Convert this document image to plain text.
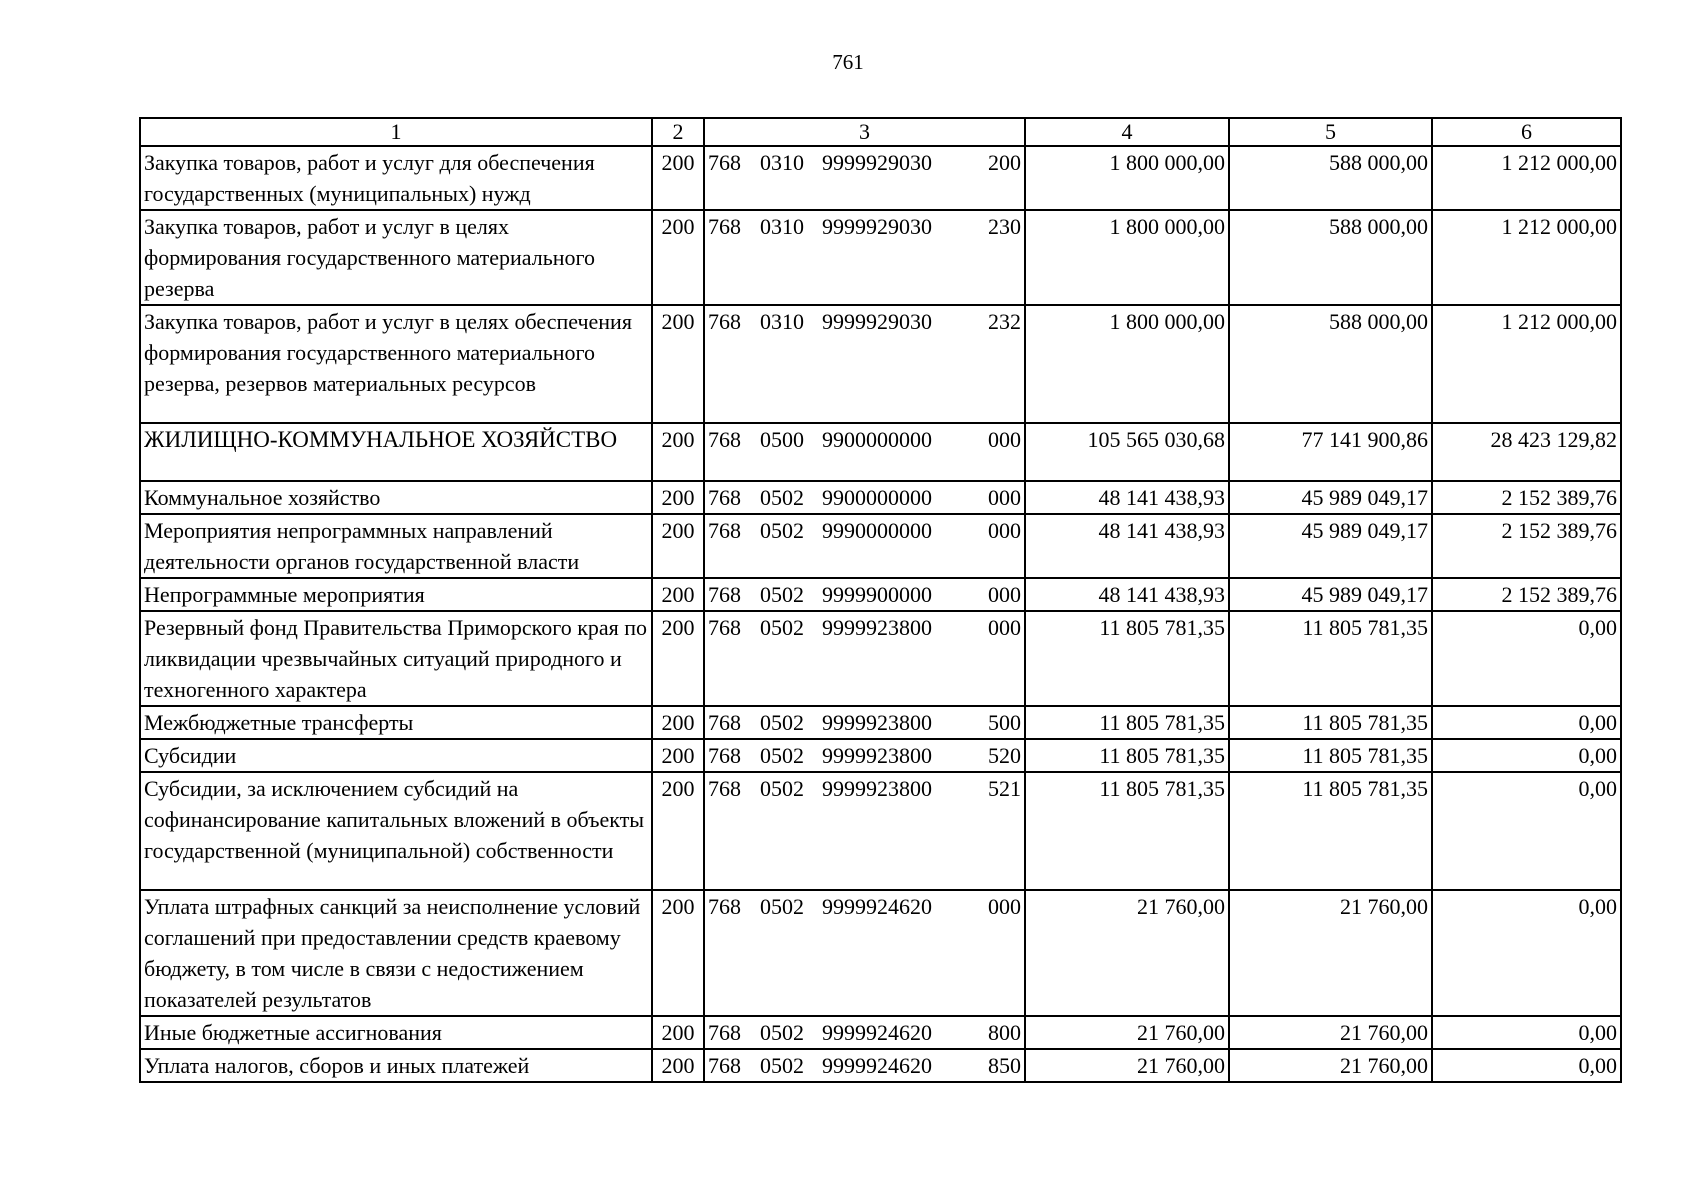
761
1	2	3	4	5	6
Закупка товаров, работ и услуг для обеспечения государственных (муниципальных) нужд	200	768 0310 9999929030 200	1 800 000,00	588 000,00	1 212 000,00
Закупка товаров, работ и услуг в целях формирования государственного материального резерва	200	768 0310 9999929030 230	1 800 000,00	588 000,00	1 212 000,00
Закупка товаров, работ и услуг в целях обеспечения формирования государственного материального резерва, резервов материальных ресурсов	200	768 0310 9999929030 232	1 800 000,00	588 000,00	1 212 000,00
ЖИЛИЩНО-КОММУНАЛЬНОЕ ХОЗЯЙСТВО	200	768 0500 9900000000 000	105 565 030,68	77 141 900,86	28 423 129,82
Коммунальное хозяйство	200	768 0502 9900000000 000	48 141 438,93	45 989 049,17	2 152 389,76
Мероприятия непрограммных направлений деятельности органов государственной власти	200	768 0502 9990000000 000	48 141 438,93	45 989 049,17	2 152 389,76
Непрограммные мероприятия	200	768 0502 9999900000 000	48 141 438,93	45 989 049,17	2 152 389,76
Резервный фонд Правительства Приморского края по ликвидации чрезвычайных ситуаций природного и техногенного характера	200	768 0502 9999923800 000	11 805 781,35	11 805 781,35	0,00
Межбюджетные трансферты	200	768 0502 9999923800 500	11 805 781,35	11 805 781,35	0,00
Субсидии	200	768 0502 9999923800 520	11 805 781,35	11 805 781,35	0,00
Субсидии, за исключением субсидий на софинансирование капитальных вложений в объекты государственной (муниципальной) собственности	200	768 0502 9999923800 521	11 805 781,35	11 805 781,35	0,00
Уплата штрафных санкций за неисполнение условий соглашений при предоставлении средств краевому бюджету, в том числе в связи с недостижением показателей результатов	200	768 0502 9999924620 000	21 760,00	21 760,00	0,00
Иные бюджетные ассигнования	200	768 0502 9999924620 800	21 760,00	21 760,00	0,00
Уплата налогов, сборов и иных платежей	200	768 0502 9999924620 850	21 760,00	21 760,00	0,00
